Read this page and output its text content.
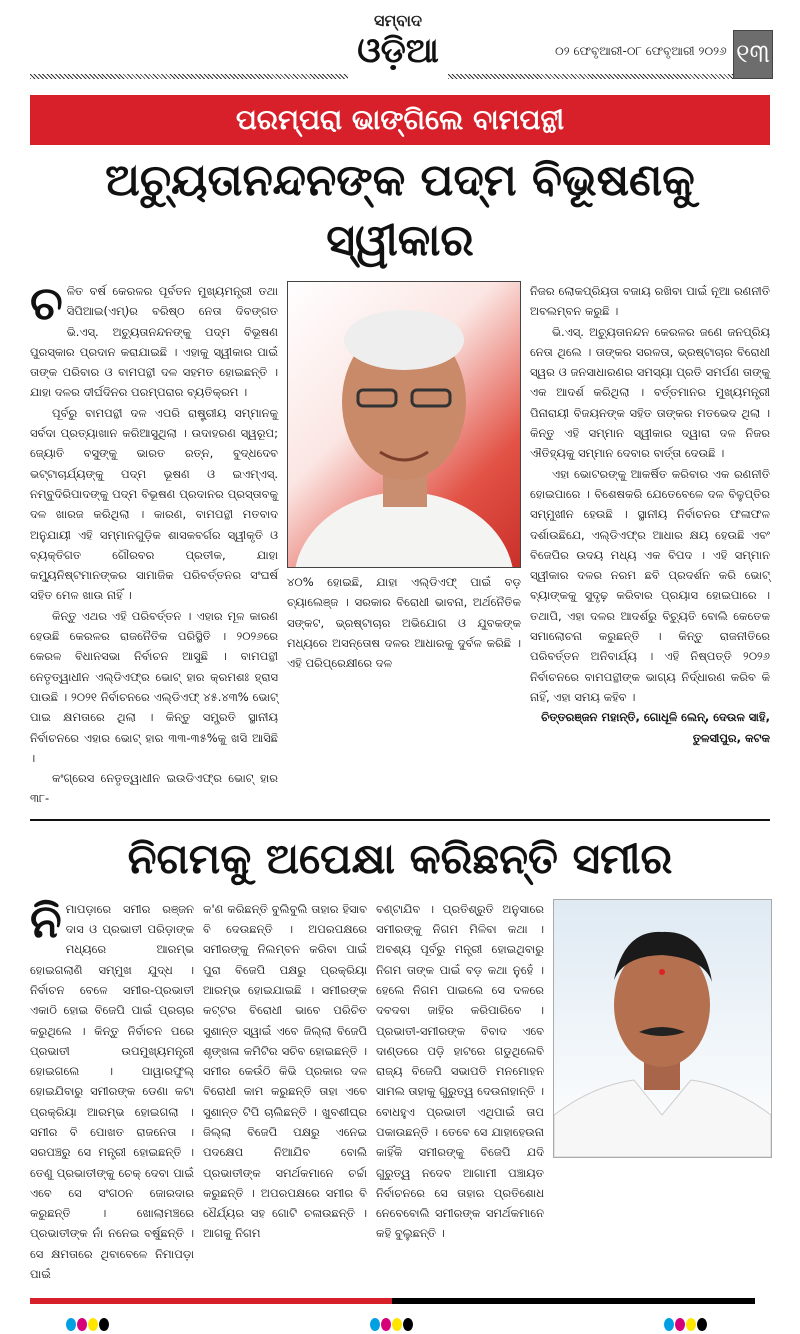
ସମ୍ବାଦ
ଓଡ଼ିଆ	୦୨ ଫେବୃଆରୀ-୦୮ ଫେବୃଆରୀ ୨୦୨୬ ୧୩
ପରମ୍ପରା ଭାଙ୍ଗିଲେ ବାମପନ୍ଥୀ
ଅଚ୍ୟୁତାନନ୍ଦନଙ୍କ ପଦ୍ମ ବିଭୂଷଣକୁ ସ୍ୱୀକାର

ଚଳିତ ବର୍ଷ କେରଳର ପୂର୍ବତନ ମୁଖ୍ୟମନ୍ତ୍ରୀ ତଥା ସିପିଆଇ(ଏମ୍)ର ବରିଷ୍ଠ ନେତା ଦିବଙ୍ଗତ ଭି.ଏସ୍. ଅଚ୍ୟୁତାନନ୍ଦନଙ୍କୁ ପଦ୍ମ ବିଭୂଷଣ ପୁରସ୍କାର ପ୍ରଦାନ କରାଯାଇଛି । ଏହାକୁ ସ୍ୱୀକାର ପାଇଁ ତାଙ୍କ ପରିବାର ଓ ବାମପନ୍ଥୀ ଦଳ ସହମତ ହୋଇଛନ୍ତି । ଯାହା ଦଳର ଦୀର୍ଘଦିନର ପରମ୍ପରାର ବ୍ୟତିକ୍ରମ ।

ପୂର୍ବରୁ ବାମପନ୍ଥୀ ଦଳ ଏପରି ରାଷ୍ଟ୍ରୀୟ ସମ୍ମାନକୁ ସର୍ବଦା ପ୍ରତ୍ୟାଖାନ କରିଆସୁଥିଲା । ଉଦାହରଣ ସ୍ୱରୂପ; ଜ୍ୟୋତି ବସୁଙ୍କୁ ଭାରତ ରତ୍ନ, ବୁଦ୍ଧଦେବ ଭଟ୍ଟାଚାର୍ଯ୍ୟଙ୍କୁ ପଦ୍ମ ଭୂଷଣ ଓ ଇଏମ୍ଏସ୍. ନମ୍ବୁଦିରିପାଦଙ୍କୁ ପଦ୍ମ ବିଭୂଷଣ ପ୍ରଦାନର ପ୍ରସ୍ତାବକୁ ଦଳ ଖାରଜ କରିଥିଲା । କାରଣ, ବାମପନ୍ଥୀ ମତବାଦ ଅନୁଯାୟୀ ଏହି ସମ୍ମାନଗୁଡ଼ିକ ଶାସକବର୍ଗର ସ୍ୱୀକୃତି ଓ ବ୍ୟକ୍ତିଗତ ଗୌରବର ପ୍ରତୀକ, ଯାହା କମ୍ୟୁନିଷ୍ଟମାନଙ୍କର ସାମାଜିକ ପରିବର୍ତ୍ତନର ସଂଘର୍ଷ ସହିତ ମେଳ ଖାଉ ନାହିଁ ।

କିନ୍ତୁ ଏଥର ଏହି ପରିବର୍ତ୍ତନ । ଏହାର ମୂଳ କାରଣ ହେଉଛି କେରଳର ରାଜନୈତିକ ପରିସ୍ଥିତି । ୨୦୨୬ରେ କେରଳ ବିଧାନସଭା ନିର୍ବାଚନ ଆସୁଛି । ବାମପନ୍ଥୀ ନେତୃତ୍ୱାଧୀନ ଏଲ୍‌ଡିଏଫ୍‌ର ଭୋଟ୍ ହାର କ୍ରମଶଃ ହ୍ରାସ ପାଉଛି । ୨୦୨୧ ନିର୍ବାଚନରେ ଏଲ୍‌ଡିଏଫ୍ ୪୫.୪୩% ଭୋଟ୍ ପାଇ କ୍ଷମତାରେ ଥିଲା । କିନ୍ତୁ ସମ୍ପ୍ରତି ସ୍ଥାନୀୟ ନିର୍ବାଚନରେ ଏହାର ଭୋଟ୍ ହାର ୩୩-୩୫%କୁ ଖସି ଆସିଛି ।

କଂଗ୍ରେସ ନେତୃତ୍ୱାଧୀନ ଇଉଡିଏଫ୍‌ର ଭୋଟ୍ ହାର ୩୮-

୪୦% ହୋଇଛି, ଯାହା ଏଲ୍‌ଡିଏଫ୍ ପାଇଁ ବଡ଼ ଚ୍ୟାଲେଞ୍ଜ । ସରକାର ବିରୋଧୀ ଭାବନା, ଅର୍ଥନୈତିକ ସଙ୍କଟ, ଭ୍ରଷ୍ଟାଚାର ଅଭିଯୋଗ ଓ ଯୁବକଙ୍କ ମଧ୍ୟରେ ଅସନ୍ତୋଷ ଦଳର ଆଧାରକୁ ଦୁର୍ବଳ କରିଛି । ଏହି ପରିପ୍ରେକ୍ଷୀରେ ଦଳ

ନିଜର ଲୋକପ୍ରିୟତା ବଜାୟ ରଖିବା ପାଇଁ ନୂଆ ରଣନୀତି ଅବଲମ୍ବନ କରୁଛି ।

ଭି.ଏସ୍. ଅଚ୍ୟୁତାନନ୍ଦନ କେରଳର ଜଣେ ଜନପ୍ରିୟ ନେତା ଥିଲେ । ତାଙ୍କର ସରଳତା, ଭ୍ରଷ୍ଟାଚାର ବିରୋଧୀ ସ୍ୱର ଓ ଜନସାଧାରଣର ସମସ୍ୟା ପ୍ରତି ସମର୍ପଣ ତାଙ୍କୁ ଏକ ଆଦର୍ଶ କରିଥିଲା । ବର୍ତ୍ତମାନର ମୁଖ୍ୟମନ୍ତ୍ରୀ ପିନାରାୟୀ ବିଜୟନଙ୍କ ସହିତ ତାଙ୍କର ମତଭେଦ ଥିଲା । କିନ୍ତୁ ଏହି ସମ୍ମାନ ସ୍ୱୀକାର ଦ୍ୱାରା ଦଳ ନିଜର ଐତିହ୍ୟକୁ ସମ୍ମାନ ଦେବାର ବାର୍ତ୍ତା ଦେଉଛି ।

ଏହା ଭୋଟରଙ୍କୁ ଆକର୍ଷିତ କରିବାର ଏକ ରଣନୀତି ହୋଇପାରେ । ବିଶେଷକରି ଯେତେବେଳେ ଦଳ ବିଳୁପ୍ତିର ସମ୍ମୁଖୀନ ହେଉଛି । ସ୍ଥାନୀୟ ନିର୍ବାଚନର ଫଳାଫଳ ଦର୍ଶାଉଛିଯେ, ଏଲ୍‌ଡିଏଫ୍‌ର ଆଧାର କ୍ଷୟ ହେଉଛି ଏବଂ ବିଜେପିର ଉଦୟ ମଧ୍ୟ ଏକ ବିପଦ । ଏହି ସମ୍ମାନ ସ୍ୱୀକାର ଦଳର ନରମ ଛବି ପ୍ରଦର୍ଶନ କରି ଭୋଟ୍ ବ୍ୟାଙ୍କକୁ ସୁଦୃଢ଼ କରିବାର ପ୍ରୟାସ ହୋଇପାରେ । ତଥାପି, ଏହା ଦଳର ଆଦର୍ଶରୁ ବିଚ୍ୟୁତି ବୋଲି କେତେକ ସମାଲୋଚନା କରୁଛନ୍ତି । କିନ୍ତୁ ରାଜନୀତିରେ ପରିବର୍ତ୍ତନ ଅନିବାର୍ଯ୍ୟ । ଏହି ନିଷ୍ପତ୍ତି ୨୦୨୬ ନିର୍ବାଚନରେ ବାମପନ୍ଥୀଙ୍କ ଭାଗ୍ୟ ନିର୍ଦ୍ଧାରଣ କରିବ କି ନାହିଁ, ଏହା ସମୟ କହିବ ।

ଚିତ୍ତରଞ୍ଜନ ମହାନ୍ତି, ଗୋଧୂଳି ଲେନ୍, ଦେଉଳ ସାହି, ତୁଳସୀପୁର, କଟକ

ନିଗମକୁ ଅପେକ୍ଷା କରିଛନ୍ତି ସମୀର

ନିମାପଡ଼ାରେ ସମୀର ରଞ୍ଜନ ଦାସ ଓ ପ୍ରଭାତୀ ପରିଡ଼ାଙ୍କ ମଧ୍ୟରେ ଆରମ୍ଭ ହୋଇଗଲାଣି ସମ୍ମୁଖ ଯୁଦ୍ଧ । ନିର୍ବାଚନ ବେଳେ ସମୀର-ପ୍ରଭାତୀ ଏକାଠି ହୋଇ ବିଜେପି ପାଇଁ ପ୍ରଚାର କରୁଥିଲେ । କିନ୍ତୁ ନିର୍ବାଚନ ପରେ ପ୍ରଭାତୀ ଉପମୁଖ୍ୟମନ୍ତ୍ରୀ ହୋଇଗଲେ । ପାୱାରଫୁଲ୍ ହୋଇଯିବାରୁ ସମୀରଙ୍କ ଡେଣା କଟା ପ୍ରକ୍ରିୟା ଆରମ୍ଭ ହୋଇଗଲା । ସମୀର ବି ପୋଖତ ରାଜନେତା । ସରପଞ୍ଚରୁ ସେ ମନ୍ତ୍ରୀ ହୋଇଛନ୍ତି । ତେଣୁ ପ୍ରଭାତୀଙ୍କୁ ଚେକ୍ ଦେବା ପାଇଁ ଏବେ ସେ ସଂଗଠନ ଜୋରଦାର କରୁଛନ୍ତି । ଖୋଲାମଞ୍ଚରେ ପ୍ରଭାତୀଙ୍କ ନାଁ ନନେଇ ବର୍ଷୁଛନ୍ତି । ସେ କ୍ଷମତାରେ ଥିବାବେଳେ ନିମାପଡ଼ା ପାଇଁ

କ'ଣ କରିଛନ୍ତି ବୁଲିବୁଲି ତାହାର ହିସାବ ବି ଦେଉଛନ୍ତି । ଅପରପକ୍ଷରେ ସମୀରଙ୍କୁ ନିଲମ୍ବନ କରିବା ପାଇଁ ପୁରା ବିଜେପି ପକ୍ଷରୁ ପ୍ରକ୍ରିୟା ଆରମ୍ଭ ହୋଇଯାଇଛି । ସମୀରଙ୍କ କଟ୍ଟର ବିରୋଧୀ ଭାବେ ପରିଚିତ ସୁଶାନ୍ତ ସ୍ୱାଇଁ ଏବେ ଜିଲ୍ଲା ବିଜେପି ଶୃଙ୍ଖଳା କମିଟିର ସଚିବ ହୋଇଛନ୍ତି । ସମୀର କେଉଁଠି କିଭି ପ୍ରକାର ଦଳ ବିରୋଧୀ କାମ କରୁଛନ୍ତି ତାହା ଏବେ ସୁଶାନ୍ତ ଟିପି ଚାଲିଛନ୍ତି । ଖୁବଶୀଘ୍ର ଜିଲ୍ଲା ବିଜେପି ପକ୍ଷରୁ ଏନେଇ ପଦକ୍ଷେପ ନିଆଯିବ ବୋଲି ପ୍ରଭାତୀଙ୍କ ସମର୍ଥକମାନେ ଚର୍ଚ୍ଚା କରୁଛନ୍ତି । ଅପରପକ୍ଷରେ ସମୀର ବି ଧୈର୍ଯ୍ୟର ସହ ଗୋଟି ଚଳାଉଛନ୍ତି । ଆଗକୁ ନିଗମ

ବଣ୍ଟାଯିବ । ପ୍ରତିଶ୍ରୁତି ଅନୁସାରେ ସମୀରଙ୍କୁ ନିଗମ ମିଳିବା କଥା । ଅବଶ୍ୟ ପୂର୍ବରୁ ମନ୍ତ୍ରୀ ହୋଇଥିବାରୁ ନିଗମ ତାଙ୍କ ପାଇଁ ବଡ଼ କଥା ନୁହେଁ । ହେଲେ ନିଗମ ପାଇଲେ ସେ ଦଳରେ ଦବଦବା ଜାହିର କରିପାରିବେ । ପ୍ରଭାତୀ-ସମୀରଙ୍କ ବିବାଦ ଏବେ ଦାଣ୍ଡରେ ପଡ଼ି ହାଟରେ ଗଡୁଥିଲେବି ରାଜ୍ୟ ବିଜେପି ସଭାପତି ମନମୋହନ ସାମଲ ତାହାକୁ ଗୁରୁତ୍ୱ ଦେଉନାହାନ୍ତି । ବୋଧହୁଏ ପ୍ରଭାତୀ ଏଥିପାଇଁ ତାପ ପକାଉଛନ୍ତି । ତେବେ ସେ ଯାହାହେଉନା କାହିଁକି ସମୀରଙ୍କୁ ବିଜେପି ଯଦି ଗୁରୁତ୍ୱ ନଦେବ ଆଗାମୀ ପଞ୍ଚାୟତ ନିର୍ବାଚନରେ ସେ ତାହାର ପ୍ରତିଶୋଧ ନେବେବୋଲି ସମୀରଙ୍କ ସମର୍ଥକମାନେ କହି ବୁଲୁଛନ୍ତି ।
